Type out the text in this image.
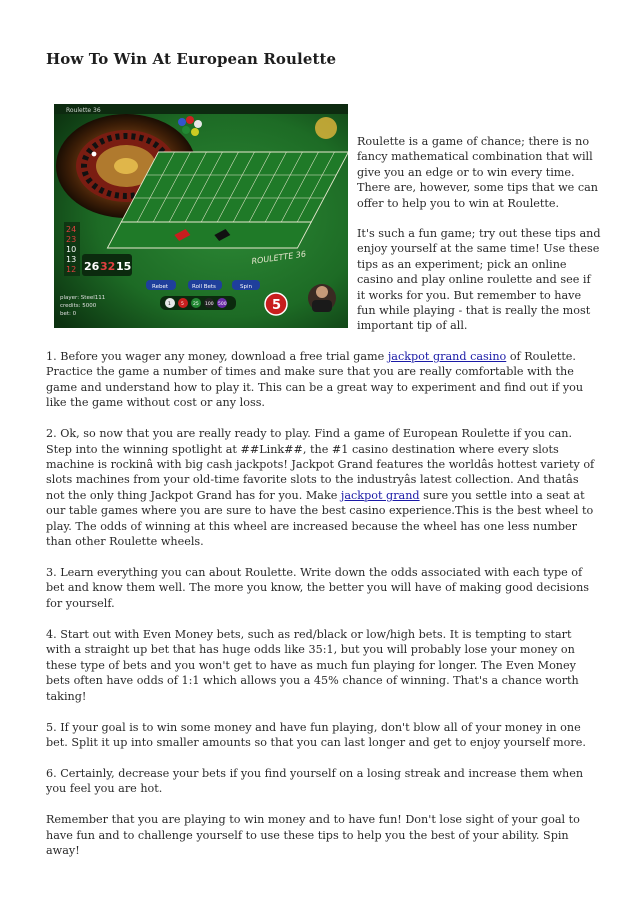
How To Win At European Roulette
Roulette 36
ROULETTE 36
24
23
10
13
12 26 32 15
player: Steel111
credits: 5000
bet: 0
Rebet	Roll Bets	Spin
1 5 25 100 500	5

Roulette is a game of chance; there is no fancy mathematical combination that will give you an edge or to win every time. There are, however, some tips that we can offer to help you to win at Roulette.

It's such a fun game; try out these tips and enjoy yourself at the same time! Use these tips as an experiment; pick an online casino and play online roulette and see if it works for you. But remember to have fun while playing - that is really the most important tip of all.

1. Before you wager any money, download a free trial game jackpot grand casino of Roulette. Practice the game a number of times and make sure that you are really comfortable with the game and understand how to play it. This can be a great way to experiment and find out if you like the game without cost or any loss.

2. Ok, so now that you are really ready to play. Find a game of European Roulette if you can. Step into the winning spotlight at ##Link##, the #1 casino destination where every slots machine is rockinâ with big cash jackpots! Jackpot Grand features the worldâs hottest variety of slots machines from your old-time favorite slots to the industryâs latest collection. And thatâs not the only thing Jackpot Grand has for you. Make jackpot grand sure you settle into a seat at our table games where you are sure to have the best casino experience.This is the best wheel to play. The odds of winning at this wheel are increased because the wheel has one less number than other Roulette wheels.

3. Learn everything you can about Roulette. Write down the odds associated with each type of bet and know them well. The more you know, the better you will have of making good decisions for yourself.

4. Start out with Even Money bets, such as red/black or low/high bets. It is tempting to start with a straight up bet that has huge odds like 35:1, but you will probably lose your money on these type of bets and you won't get to have as much fun playing for longer. The Even Money bets often have odds of 1:1 which allows you a 45% chance of winning. That's a chance worth taking!

5. If your goal is to win some money and have fun playing, don't blow all of your money in one bet. Split it up into smaller amounts so that you can last longer and get to enjoy yourself more.

6. Certainly, decrease your bets if you find yourself on a losing streak and increase them when you feel you are hot.

Remember that you are playing to win money and to have fun! Don't lose sight of your goal to have fun and to challenge yourself to use these tips to help you the best of your ability. Spin away!
